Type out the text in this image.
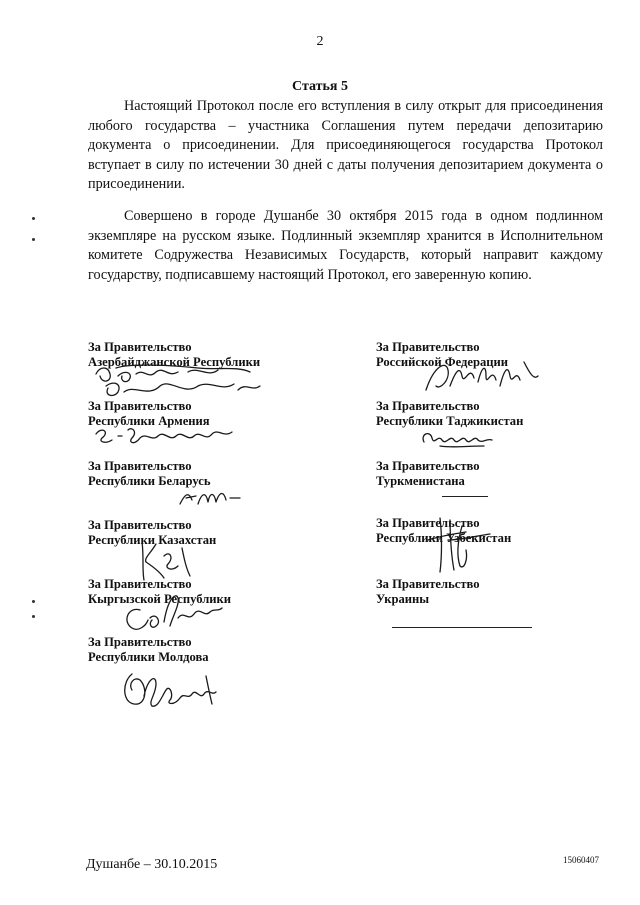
2
Статья 5

Настоящий Протокол после его вступления в силу открыт для присоединения любого государства – участника Соглашения путем передачи депозитарию документа о присоединении. Для присоединяющегося государства Протокол вступает в силу по истечении 30 дней с даты получения депозитарием документа о присоединении.

Совершено в городе Душанбе 30 октября 2015 года в одном подлинном экземпляре на русском языке. Подлинный экземпляр хранится в Исполнительном комитете Содружества Независимых Государств, который направит каждому государству, подписавшему настоящий Протокол, его заверенную копию.

За Правительство
Азербайджанской Республики
За Правительство
Республики Армения
За Правительство
Республики Беларусь
За Правительство
Республики Казахстан
За Правительство
Кыргызской Республики
За Правительство
Республики Молдова
За Правительство
Российской Федерации
За Правительство
Республики Таджикистан
За Правительство
Туркменистана
За Правительство
Республики Узбекистан
За Правительство
Украины
Душанбе – 30.10.2015	15060407
